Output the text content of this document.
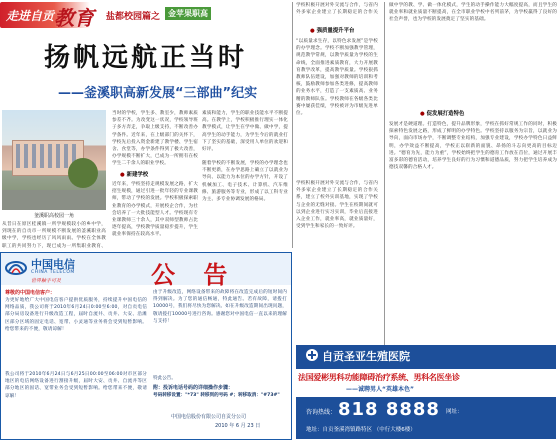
走进自贡 教育 盐都校园篇之 金苹果职高
扬帆远航正当时
——釜溪职高新发展“三部曲”纪实
釜溪职高校园一角
从昔日在原区桂溪镇一所学规模较小的乡中学，到现在的自贡市一所规模不断发展的釜溪职业高级中学，学校也经历了风风雨雨。学校在全体教职工的共同努力下，现已成为一所集职业教育、
当时的学校，学生多、教室少，教师素质参差不齐。为改变这一状况，学校领导班子多方奔走，争取上级支持，不断改善办学条件。近年来，在上级部门的关怀下，学校先后投入资金新建了教学楼、学生宿舍、食堂等，办学条件得到了极大改善，办学规模不断扩大，已成为一所拥有在校学生二千余人的职业学校。
● 新建学校
近年来，学校坚持走规模发展之路，扩大招生规模，通过引进一批年轻的专业课教师，带动了学校的发展。学校积极探索职业教育的办学模式，开展校企合作，为社会培养了一大批技能型人才。学校现有专业课教师三十余人，其中双师型教师占比逐年提高，学校教学质量稳步提升，学生就业率保持在较高水平。
素质和能力，学生的职业技能水平不断提高。在教学上，学校积极推行理实一体化教学模式，让学生在学中做、做中学，提高学生的动手能力，为学生今后的就业打下了坚实的基础，深受用人单位的欢迎和好评。
随着学校的不断发展，学校的办学理念也不断更新，在办学思路上确立了以就业为导向、以能力为本位的办学方针，开设了机械加工、电子技术、计算机、汽车维修、旅游服务等专业，形成了以工科专业为主、多专业协调发展的格局。
学校积极开展对外交流与合作，与省内外多家企业建立了长期稳定的合作关
● 强质量提升平台
“以质量求生存，以特色求发展”是学校的办学理念。学校不断加强教学管理，规范教学常规，以教学质量为学校的生命线，全面推进素质教育，大力开展教育教学改革，提高教学质量。学校狠抓教师队伍建设，加强对教师的培训和考核，鼓励教师参加各类进修，提高教师的业务水平，打造了一支素质高、业务精的教师队伍。学校教师在各级各类比赛中屡获佳绩，学校被评为市级先进单位。
学校积极开展对外交流与合作，与省内外多家企业建立了长期稳定的合作关系，建立了校外实训基地，实现了学校与企业的无缝对接。学生在校期间就可以到企业进行实习实训，毕业后直接进入企业工作，就业率高，就业质量好，受到学生和家长的一致好评。
做中学的教、学、做一体化模式，学生的动手操作能力大幅度提高，而且学生的就业率和就业质量不断提高，在全市职业学校中名列前茅，为学校赢得了良好的社会声誉，也为学校的发展奠定了坚实的基础。
● 促发展打造特色
发展才是硬道理。打造特色，提升品牌形象，学校在抓好常规工作的同时，积极探索特色发展之路，形成了鲜明的办学特色。学校坚持以服务为宗旨，以就业为导向，面向市场办学，不断调整专业结构，加强专业建设，学校办学特色日益鲜明，办学效益不断提高，学校正以崭新的面貌、昂扬的斗志向更高的目标迈进。“德育为先，能力为重”，学校始终把学生的德育工作放在首位，通过开展丰富多彩的德育活动，培养学生良好的行为习惯和道德品质，努力把学生培养成为德技双馨的合格人才。
中国电信
CHINA TELECOM
世界触手可及	公 告
尊敬的中国电信客户：
为更好地给广大中国电信客户提供优质服务，持续提升中国电信的网络品质，我公司将于2010年6月24日0:00至6:00，对自贡电信部分局房设备进行升级改造工程，届时自流井、贡井、大安、沿滩区部分区域的固定电话、宽带、小灵通等业务将会受到短暂影响。给您带来的不便，敬请谅解！
我公司将于2010年6月24日与6月25日00:00至06:00对市区部分地区的电信网络设备进行割接升级，届时大安、贡井、自流井等区部分地区的固话、宽带业务会受到短暂影响。给您带来不便，敬请谅解！
由于升级改造，网络设备带来的故障将在改造完成后的短时间内得到解决。为了您的通信畅通，特此通告。若有故障，请拨打10000号，我们将尽快为您解决。如在升级改造期间出现问题，敬请拨打10000号进行咨询。感谢您对中国电信一直以来的理解与支持！
特此公告。
附：投诉电话号码的详细操作步骤：
号码转移设置："*73" 转移到的号码 #；转移取消："#73#"
中国电信股份有限公司自贡分公司
2010 年 6 月 23 日
自贡圣亚生殖医院
法国爱彬男科功能障碍治疗系统、男科名医坐诊
——诚聘男人“英雄本色”
咨询热线： 818 8888 网址：
地址：自贡釜溪湾镇路特区 （中行大楼6楼）
